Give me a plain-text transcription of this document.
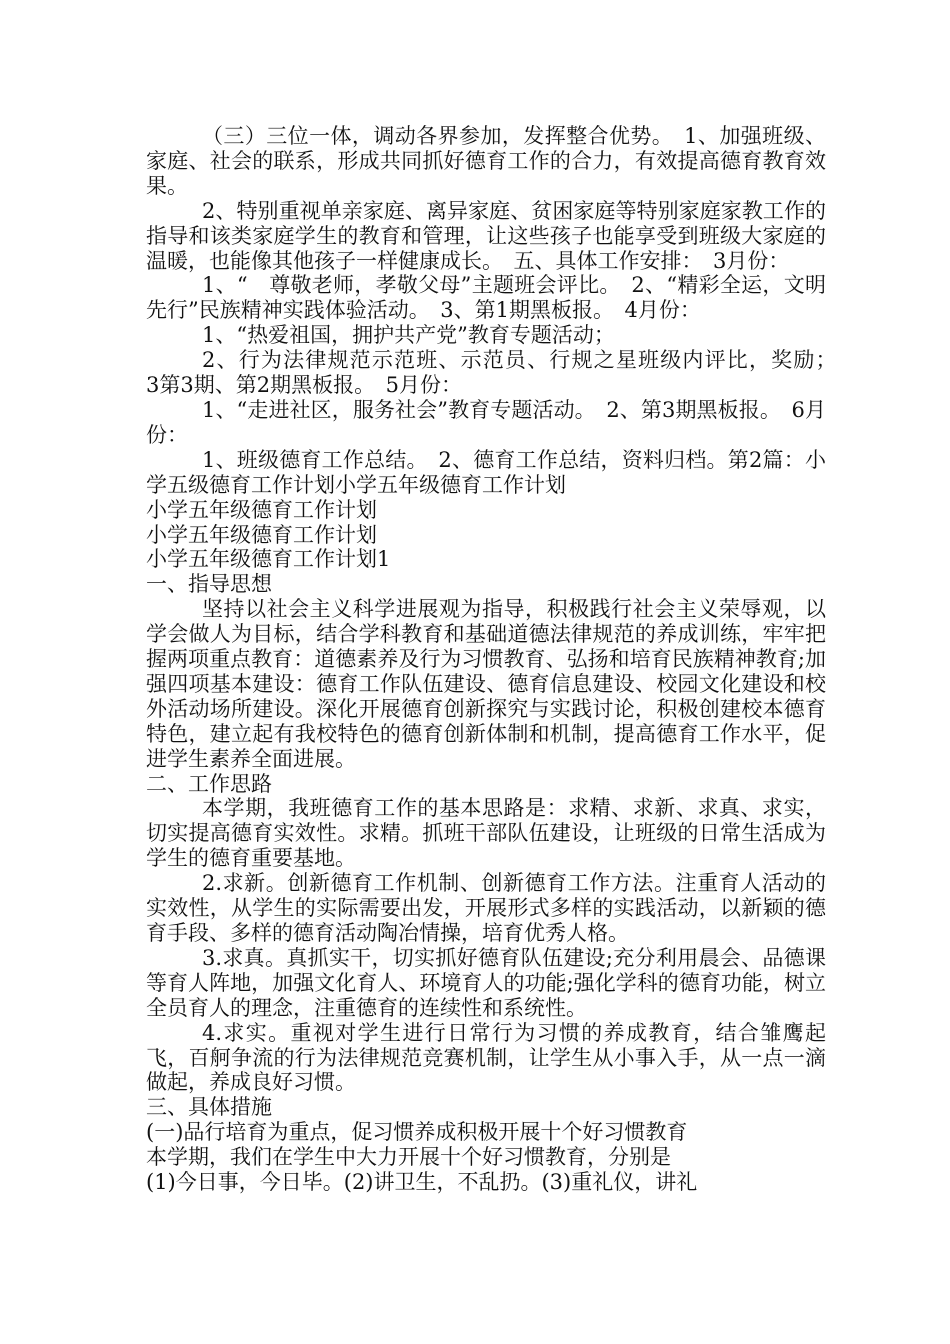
（三）三位一体，调动各界参加，发挥整合优势。　1、加强班级、家庭、社会的联系，形成共同抓好德育工作的合力，有效提高德育教育效果。

2、特别重视单亲家庭、离异家庭、贫困家庭等特别家庭家教工作的指导和该类家庭学生的教育和管理，让这些孩子也能享受到班级大家庭的温暖，也能像其他孩子一样健康成长。　五、具体工作安排：　3月份：

1、“　尊敬老师，孝敬父母”主题班会评比。　2、“精彩全运，文明先行”民族精神实践体验活动。　3、第1期黑板报。　4月份：

1、“热爱祖国，拥护共产党”教育专题活动；

2、行为法律规范示范班、示范员、行规之星班级内评比，奖励；　3第3期、第2期黑板报。　5月份：

1、“走进社区，服务社会”教育专题活动。　2、第3期黑板报。　6月份：

1、班级德育工作总结。　2、德育工作总结，资料归档。第2篇：小学五级德育工作计划小学五年级德育工作计划

小学五年级德育工作计划

小学五年级德育工作计划

小学五年级德育工作计划1

一、指导思想

坚持以社会主义科学进展观为指导，积极践行社会主义荣辱观，以学会做人为目标，结合学科教育和基础道德法律规范的养成训练，牢牢把握两项重点教育：道德素养及行为习惯教育、弘扬和培育民族精神教育;加强四项基本建设：德育工作队伍建设、德育信息建设、校园文化建设和校外活动场所建设。深化开展德育创新探究与实践讨论，积极创建校本德育特色，建立起有我校特色的德育创新体制和机制，提高德育工作水平，促进学生素养全面进展。

二、工作思路

本学期，我班德育工作的基本思路是：求精、求新、求真、求实，切实提高德育实效性。求精。抓班干部队伍建设，让班级的日常生活成为学生的德育重要基地。

2.求新。创新德育工作机制、创新德育工作方法。注重育人活动的实效性，从学生的实际需要出发，开展形式多样的实践活动，以新颖的德育手段、多样的德育活动陶冶情操，培育优秀人格。

3.求真。真抓实干，切实抓好德育队伍建设;充分利用晨会、品德课等育人阵地，加强文化育人、环境育人的功能;强化学科的德育功能，树立全员育人的理念，注重德育的连续性和系统性。

4.求实。重视对学生进行日常行为习惯的养成教育，结合雏鹰起飞，百舸争流的行为法律规范竞赛机制，让学生从小事入手，从一点一滴做起，养成良好习惯。

三、具体措施

(一)品行培育为重点，促习惯养成积极开展十个好习惯教育

本学期，我们在学生中大力开展十个好习惯教育，分别是

(1)今日事，今日毕。(2)讲卫生，不乱扔。(3)重礼仪，讲礼
